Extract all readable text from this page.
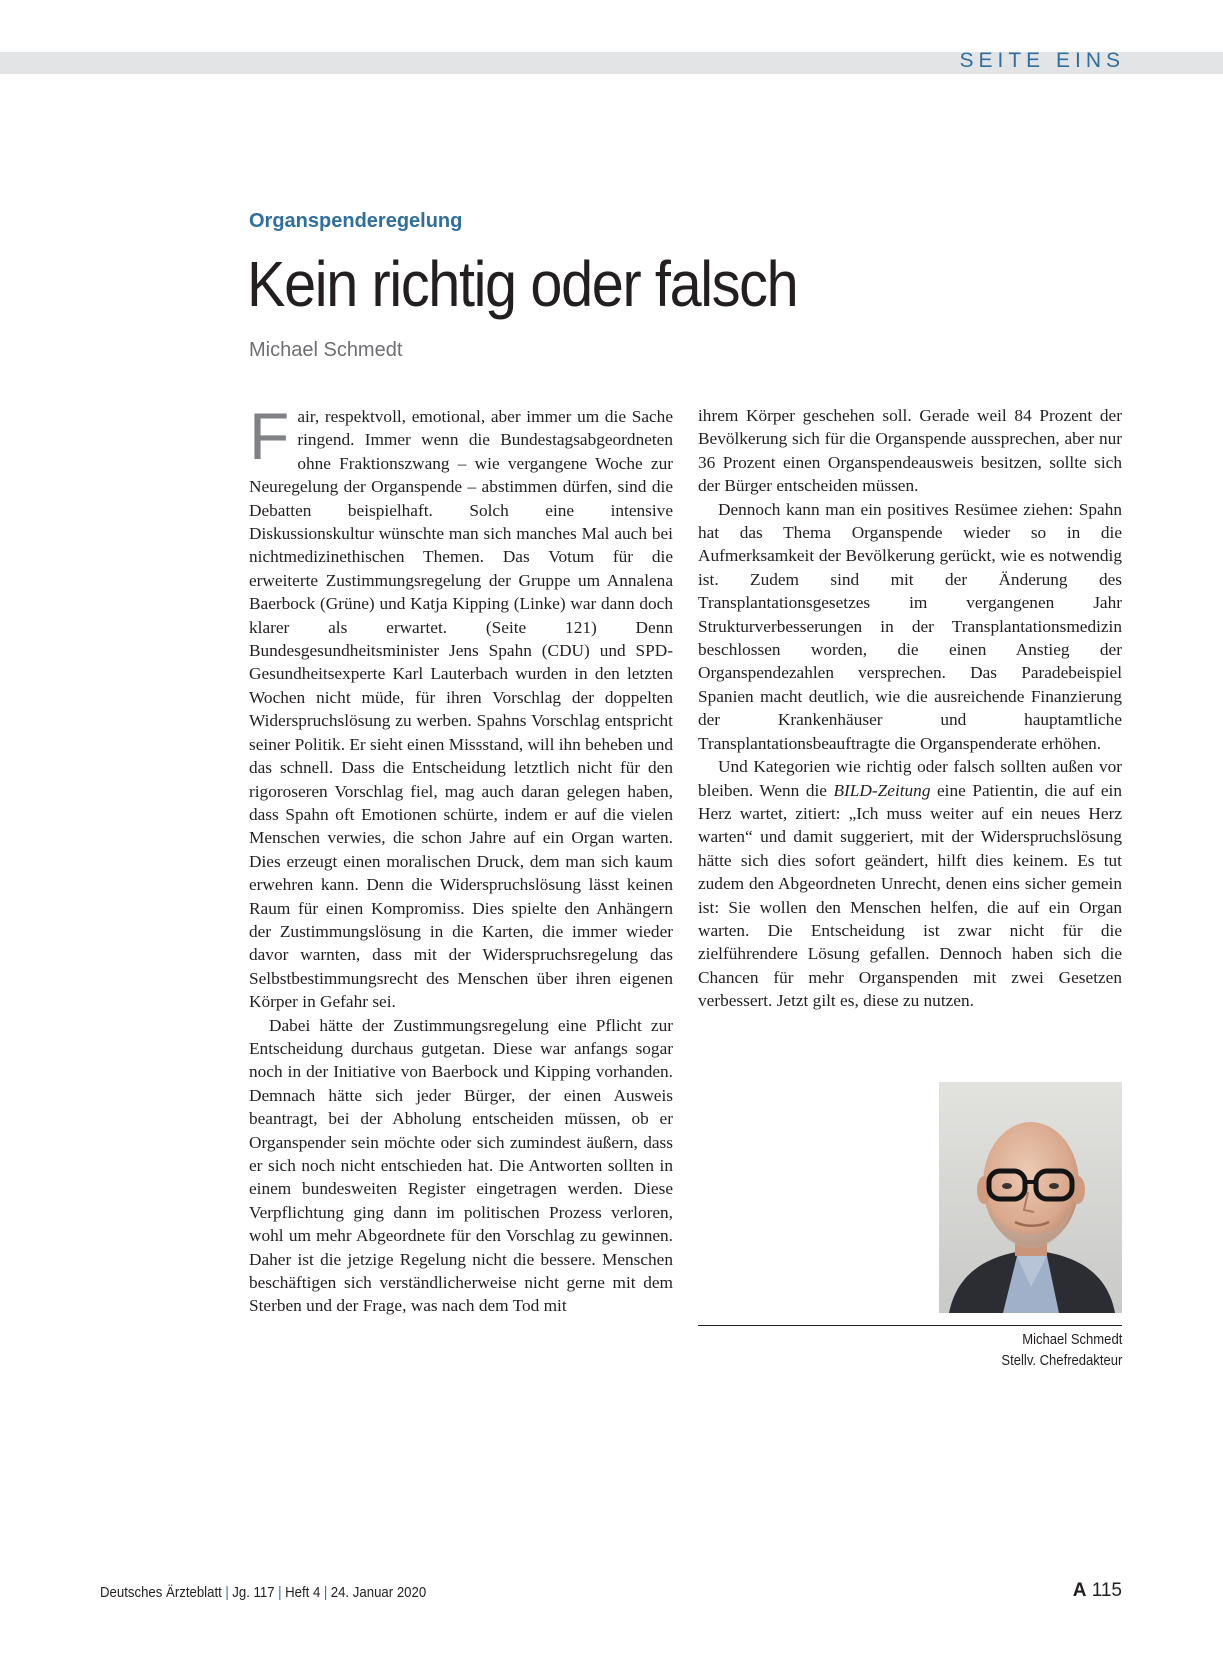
SEITE EINS
Organspenderegelung
Kein richtig oder falsch
Michael Schmedt

Fair, respektvoll, emotional, aber immer um die Sache ringend. Immer wenn die Bundestagsabgeordneten ohne Fraktionszwang – wie vergangene Woche zur Neuregelung der Organspende – abstimmen dürfen, sind die Debatten beispielhaft. Solch eine intensive Diskussionskultur wünschte man sich manches Mal auch bei nichtmedizinethischen Themen. Das Votum für die erweiterte Zustimmungsregelung der Gruppe um Annalena Baerbock (Grüne) und Katja Kipping (Linke) war dann doch klarer als erwartet. (Seite 121) Denn Bundesgesundheitsminister Jens Spahn (CDU) und SPD-Gesundheitsexperte Karl Lauterbach wurden in den letzten Wochen nicht müde, für ihren Vorschlag der doppelten Widerspruchslösung zu werben. Spahns Vorschlag entspricht seiner Politik. Er sieht einen Missstand, will ihn beheben und das schnell. Dass die Entscheidung letztlich nicht für den rigoroseren Vorschlag fiel, mag auch daran gelegen haben, dass Spahn oft Emotionen schürte, indem er auf die vielen Menschen verwies, die schon Jahre auf ein Organ warten. Dies erzeugt einen moralischen Druck, dem man sich kaum erwehren kann. Denn die Widerspruchslösung lässt keinen Raum für einen Kompromiss. Dies spielte den Anhängern der Zustimmungslösung in die Karten, die immer wieder davor warnten, dass mit der Widerspruchsregelung das Selbstbestimmungsrecht des Menschen über ihren eigenen Körper in Gefahr sei.

Dabei hätte der Zustimmungsregelung eine Pflicht zur Entscheidung durchaus gutgetan. Diese war anfangs sogar noch in der Initiative von Baerbock und Kipping vorhanden. Demnach hätte sich jeder Bürger, der einen Ausweis beantragt, bei der Abholung entscheiden müssen, ob er Organspender sein möchte oder sich zumindest äußern, dass er sich noch nicht entschieden hat. Die Antworten sollten in einem bundesweiten Register eingetragen werden. Diese Verpflichtung ging dann im politischen Prozess verloren, wohl um mehr Abgeordnete für den Vorschlag zu gewinnen. Daher ist die jetzige Regelung nicht die bessere. Menschen beschäftigen sich verständlicherweise nicht gerne mit dem Sterben und der Frage, was nach dem Tod mit

ihrem Körper geschehen soll. Gerade weil 84 Prozent der Bevölkerung sich für die Organspende aussprechen, aber nur 36 Prozent einen Organspendeausweis besitzen, sollte sich der Bürger entscheiden müssen.

Dennoch kann man ein positives Resümee ziehen: Spahn hat das Thema Organspende wieder so in die Aufmerksamkeit der Bevölkerung gerückt, wie es notwendig ist. Zudem sind mit der Änderung des Transplantationsgesetzes im vergangenen Jahr Strukturverbesserungen in der Transplantationsmedizin beschlossen worden, die einen Anstieg der Organspendezahlen versprechen. Das Paradebeispiel Spanien macht deutlich, wie die ausreichende Finanzierung der Krankenhäuser und hauptamtliche Transplantationsbeauftragte die Organspenderate erhöhen.

Und Kategorien wie richtig oder falsch sollten außen vor bleiben. Wenn die BILD-Zeitung eine Patientin, die auf ein Herz wartet, zitiert: „Ich muss weiter auf ein neues Herz warten“ und damit suggeriert, mit der Widerspruchslösung hätte sich dies sofort geändert, hilft dies keinem. Es tut zudem den Abgeordneten Unrecht, denen eins sicher gemein ist: Sie wollen den Menschen helfen, die auf ein Organ warten. Die Entscheidung ist zwar nicht für die zielführendere Lösung gefallen. Dennoch haben sich die Chancen für mehr Organspenden mit zwei Gesetzen verbessert. Jetzt gilt es, diese zu nutzen.

Michael Schmedt
Stellv. Chefredakteur
Deutsches Ärzteblatt | Jg. 117 | Heft 4 | 24. Januar 2020	A 115
